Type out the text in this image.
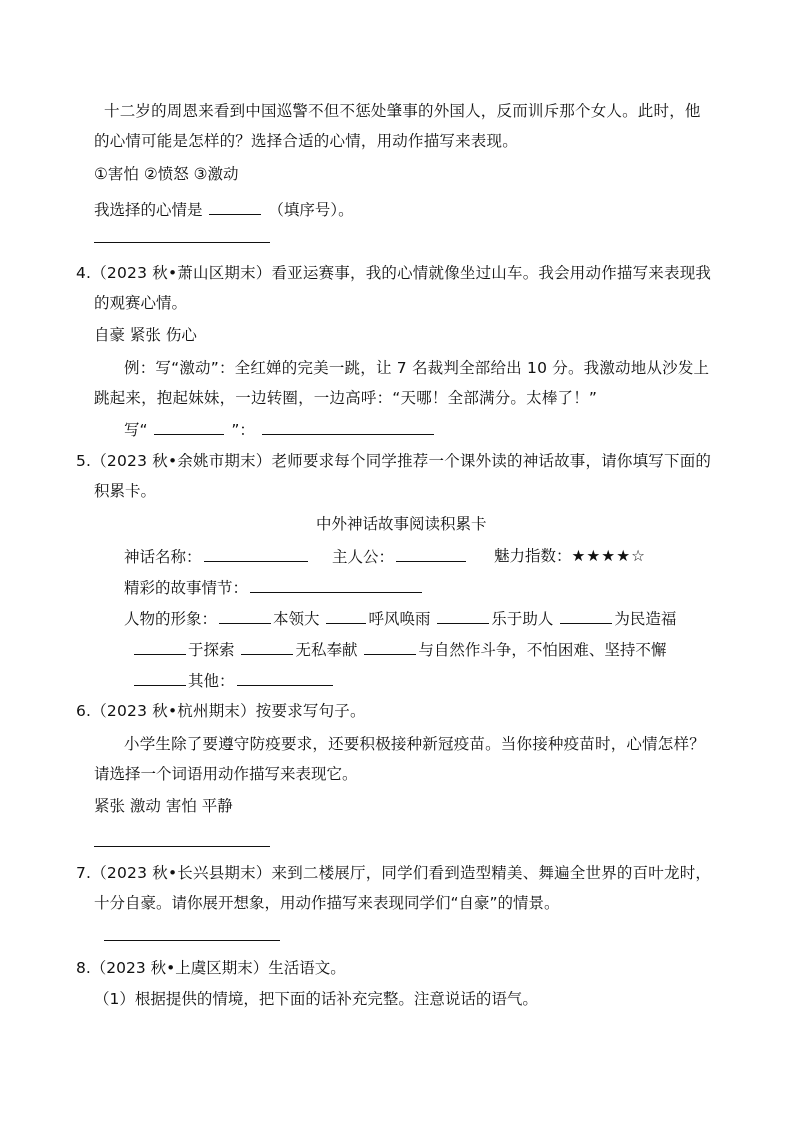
十二岁的周恩来看到中国巡警不但不惩处肇事的外国人，反而训斥那个女人。此时，他
的心情可能是怎样的？选择合适的心情，用动作描写来表现。
①害怕 ②愤怒 ③激动
我选择的心情是	（填序号）。
4.（2023 秋•萧山区期末）看亚运赛事，我的心情就像坐过山车。我会用动作描写来表现我
的观赛心情。
自豪 紧张 伤心
例：写“激动”：全红婵的完美一跳，让 7 名裁判全部给出 10 分。我激动地从沙发上
跳起来，抱起妹妹，一边转圈，一边高呼：“天哪！全部满分。太棒了！”
写“	”：
5.（2023 秋•余姚市期末）老师要求每个同学推荐一个课外读的神话故事，请你填写下面的
积累卡。
中外神话故事阅读积累卡
神话名称：	主人公：	魅力指数：★★★★☆
精彩的故事情节：
人物的形象：	本领大	呼风唤雨	乐于助人	为民造福
于探索	无私奉献	与自然作斗争，不怕困难、坚持不懈
其他：
6.（2023 秋•杭州期末）按要求写句子。
小学生除了要遵守防疫要求，还要积极接种新冠疫苗。当你接种疫苗时，心情怎样？
请选择一个词语用动作描写来表现它。
紧张 激动 害怕 平静
7.（2023 秋•长兴县期末）来到二楼展厅，同学们看到造型精美、舞遍全世界的百叶龙时，
十分自豪。请你展开想象，用动作描写来表现同学们“自豪”的情景。
8.（2023 秋•上虞区期末）生活语文。
（1）根据提供的情境，把下面的话补充完整。注意说话的语气。
